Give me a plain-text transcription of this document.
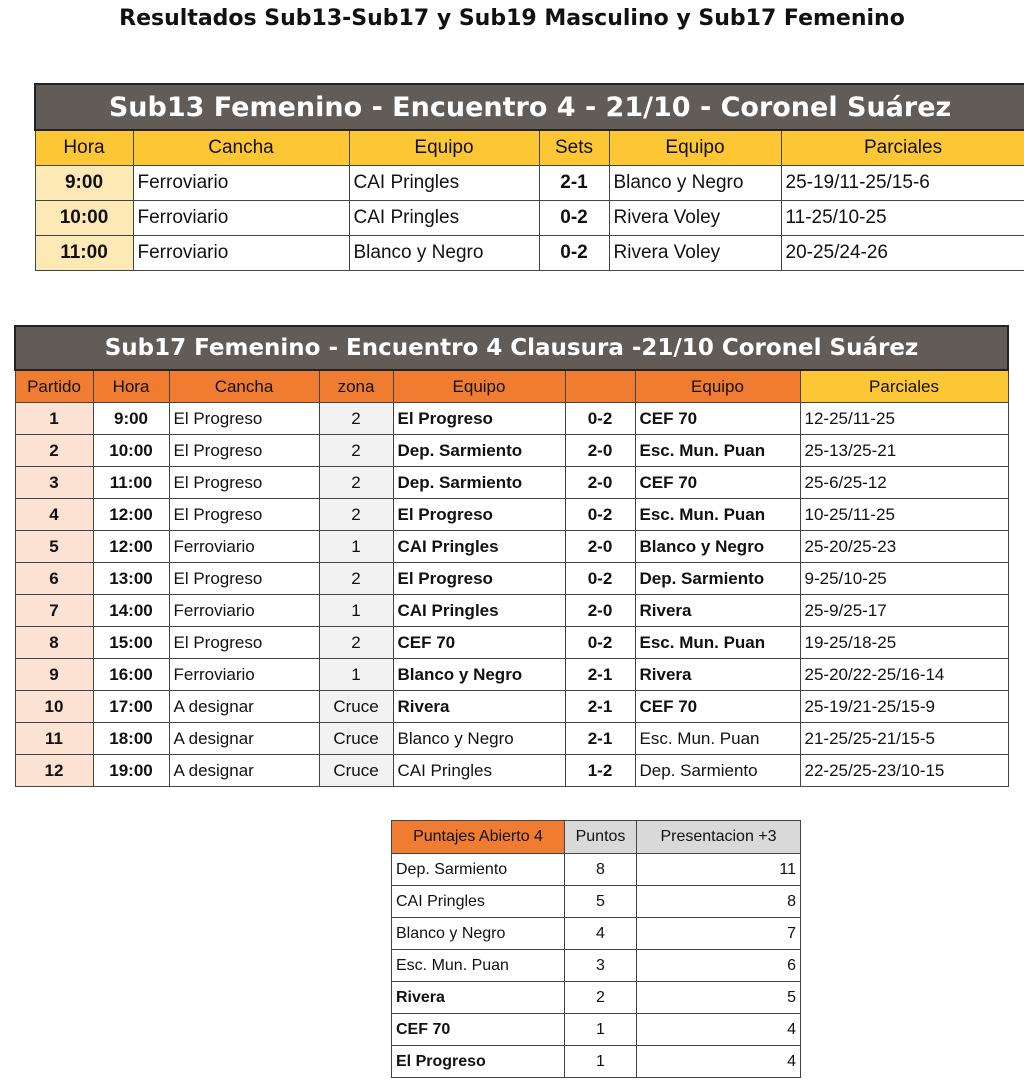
Resultados Sub13-Sub17 y Sub19 Masculino y Sub17 Femenino
Sub13 Femenino - Encuentro 4 - 21/10 - Coronel Suárez					
Hora	Cancha	Equipo	Sets	Equipo	Parciales
9:00	Ferroviario	CAI Pringles	2-1	Blanco y Negro	25-19/11-25/15-6
10:00	Ferroviario	CAI Pringles	0-2	Rivera Voley	11-25/10-25
11:00	Ferroviario	Blanco y Negro	0-2	Rivera Voley	20-25/24-26
Sub17 Femenino - Encuentro 4 Clausura -21/10 Coronel Suárez							
Partido	Hora	Cancha	zona	Equipo		Equipo	Parciales
1	9:00	El Progreso	2	El Progreso	0-2	CEF 70	12-25/11-25
2	10:00	El Progreso	2	Dep. Sarmiento	2-0	Esc. Mun. Puan	25-13/25-21
3	11:00	El Progreso	2	Dep. Sarmiento	2-0	CEF 70	25-6/25-12
4	12:00	El Progreso	2	El Progreso	0-2	Esc. Mun. Puan	10-25/11-25
5	12:00	Ferroviario	1	CAI Pringles	2-0	Blanco y Negro	25-20/25-23
6	13:00	El Progreso	2	El Progreso	0-2	Dep. Sarmiento	9-25/10-25
7	14:00	Ferroviario	1	CAI Pringles	2-0	Rivera	25-9/25-17
8	15:00	El Progreso	2	CEF 70	0-2	Esc. Mun. Puan	19-25/18-25
9	16:00	Ferroviario	1	Blanco y Negro	2-1	Rivera	25-20/22-25/16-14
10	17:00	A designar	Cruce	Rivera	2-1	CEF 70	25-19/21-25/15-9
11	18:00	A designar	Cruce	Blanco y Negro	2-1	Esc. Mun. Puan	21-25/25-21/15-5
12	19:00	A designar	Cruce	CAI Pringles	1-2	Dep. Sarmiento	22-25/25-23/10-15
Puntajes Abierto 4	Puntos	Presentacion +3
Dep. Sarmiento	8	11
CAI Pringles	5	8
Blanco y Negro	4	7
Esc. Mun. Puan	3	6
Rivera	2	5
CEF 70	1	4
El Progreso	1	4
